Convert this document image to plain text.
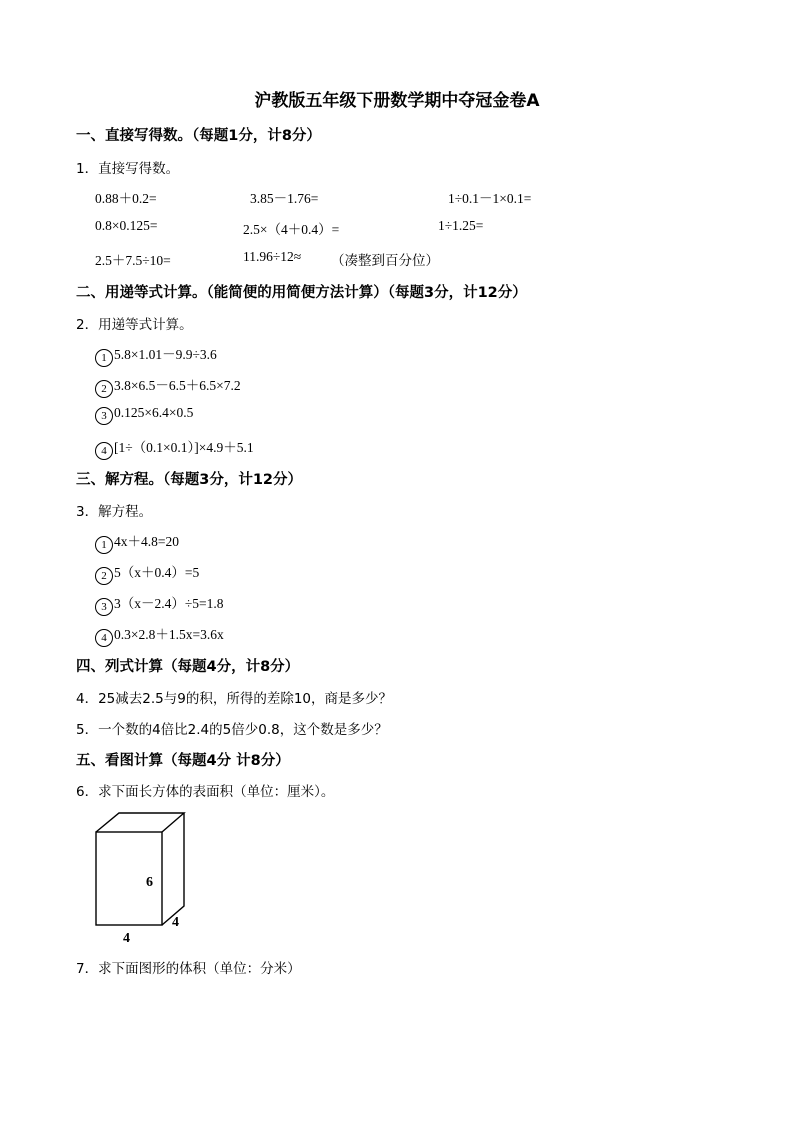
沪教版五年级下册数学期中夺冠金卷A
一、直接写得数。（每题1分，计8分）
1．直接写得数。
0.88＋0.2=	3.85－1.76=	1÷0.1－1×0.1=
0.8×0.125=	2.5×（4＋0.4）=	1÷1.25=
2.5＋7.5÷10=	11.96÷12≈ （凑整到百分位）
二、用递等式计算。（能简便的用简便方法计算）（每题3分，计12分）
2．用递等式计算。
1 5.8×1.01－9.9÷3.6
2 3.8×6.5－6.5＋6.5×7.2
3 0.125×6.4×0.5
4 [1÷（0.1×0.1）]×4.9＋5.1
三、解方程。（每题3分，计12分）
3．解方程。
1 4x＋4.8=20
2 5（x＋0.4）=5
3 3（x－2.4）÷5=1.8
4 0.3×2.8＋1.5x=3.6x
四、列式计算（每题4分，计8分）
4．25减去2.5与9的积，所得的差除10，商是多少？
5．一个数的4倍比2.4的5倍少0.8，这个数是多少？
五、看图计算（每题4分 计8分）
6．求下面长方体的表面积（单位：厘米）。
6
4
4
7．求下面图形的体积（单位：分米）
